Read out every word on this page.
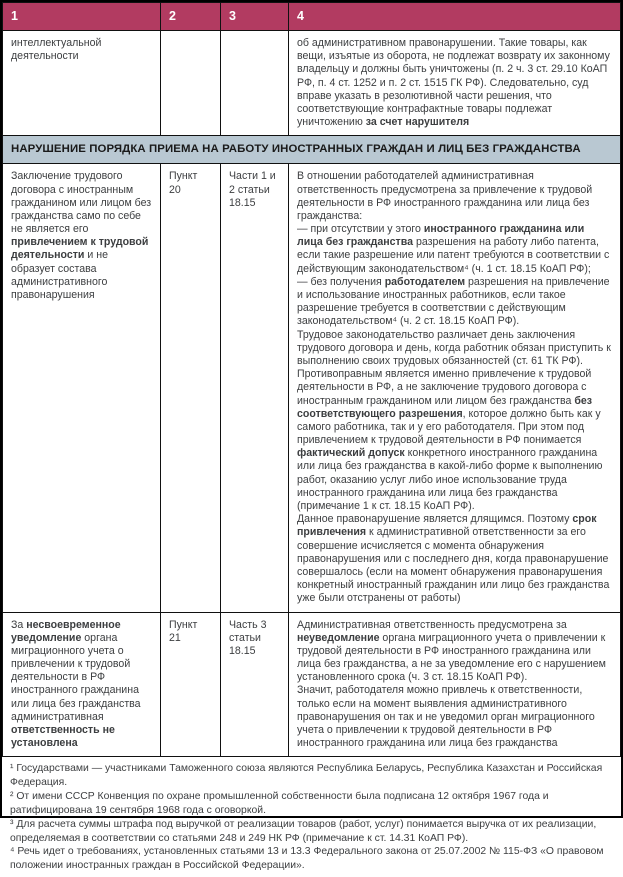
1	2	3	4
интеллектуальной деятельности			об административном правонарушении. Такие товары, как вещи, изъятые из оборота, не подлежат возврату их законному владельцу и должны быть уничтожены (п. 2 ч. 3 ст. 29.10 КоАП РФ, п. 4 ст. 1252 и п. 2 ст. 1515 ГК РФ). Следовательно, суд вправе указать в резолютивной части решения, что соответствующие контрафактные товары подлежат уничтожению за счет нарушителя
НАРУШЕНИЕ ПОРЯДКА ПРИЕМА НА РАБОТУ ИНОСТРАННЫХ ГРАЖДАН И ЛИЦ БЕЗ ГРАЖДАНСТВА			
Заключение трудового договора с иностранным гражданином или лицом без гражданства само по себе не является его привлечением к трудовой деятельности и не образует состава административного правонарушения	Пункт 20	Части 1 и 2 статьи 18.15	В отношении работодателей административная ответственность предусмотрена за привлечение к трудовой деятельности в РФ иностранного гражданина или лица без гражданства:
— при отсутствии у этого иностранного гражданина или лица без гражданства разрешения на работу либо патента, если такие разрешение или патент требуются в соответствии с действующим законодательством⁴ (ч. 1 ст. 18.15 КоАП РФ);
— без получения работодателем разрешения на привлечение и использование иностранных работников, если такое разрешение требуется в соответствии с действующим законодательством⁴ (ч. 2 ст. 18.15 КоАП РФ).
Трудовое законодательство различает день заключения трудового договора и день, когда работник обязан приступить к выполнению своих трудовых обязанностей (ст. 61 ТК РФ). Противоправным является именно привлечение к трудовой деятельности в РФ, а не заключение трудового договора с иностранным гражданином или лицом без гражданства без соответствующего разрешения, которое должно быть как у самого работника, так и у его работодателя. При этом под привлечением к трудовой деятельности в РФ понимается фактический допуск конкретного иностранного гражданина или лица без гражданства в какой-либо форме к выполнению работ, оказанию услуг либо иное использование труда иностранного гражданина или лица без гражданства (примечание 1 к ст. 18.15 КоАП РФ).
Данное правонарушение является длящимся. Поэтому срок привлечения к административной ответственности за его совершение исчисляется с момента обнаружения правонарушения или с последнего дня, когда правонарушение совершалось (если на момент обнаружения правонарушения конкретный иностранный гражданин или лицо без гражданства уже были отстранены от работы)
За несвоевременное уведомление органа миграционного учета о привлечении к трудовой деятельности в РФ иностранного гражданина или лица без гражданства административная ответственность не установлена	Пункт 21	Часть 3 статьи 18.15	Административная ответственность предусмотрена за неуведомление органа миграционного учета о привлечении к трудовой деятельности в РФ иностранного гражданина или лица без гражданства, а не за уведомление его с нарушением установленного срока (ч. 3 ст. 18.15 КоАП РФ).
Значит, работодателя можно привлечь к ответственности, только если на момент выявления административного правонарушения он так и не уведомил орган миграционного учета о привлечении к трудовой деятельности в РФ иностранного гражданина или лица без гражданства

¹ Государствами — участниками Таможенного союза являются Республика Беларусь, Республика Казахстан и Российская Федерация.

² От имени СССР Конвенция по охране промышленной собственности была подписана 12 октября 1967 года и ратифицирована 19 сентября 1968 года с оговоркой.

³ Для расчета суммы штрафа под выручкой от реализации товаров (работ, услуг) понимается выручка от их реализации, определяемая в соответствии со статьями 248 и 249 НК РФ (примечание к ст. 14.31 КоАП РФ).

⁴ Речь идет о требованиях, установленных статьями 13 и 13.3 Федерального закона от 25.07.2002 № 115-ФЗ «О правовом положении иностранных граждан в Российской Федерации».
